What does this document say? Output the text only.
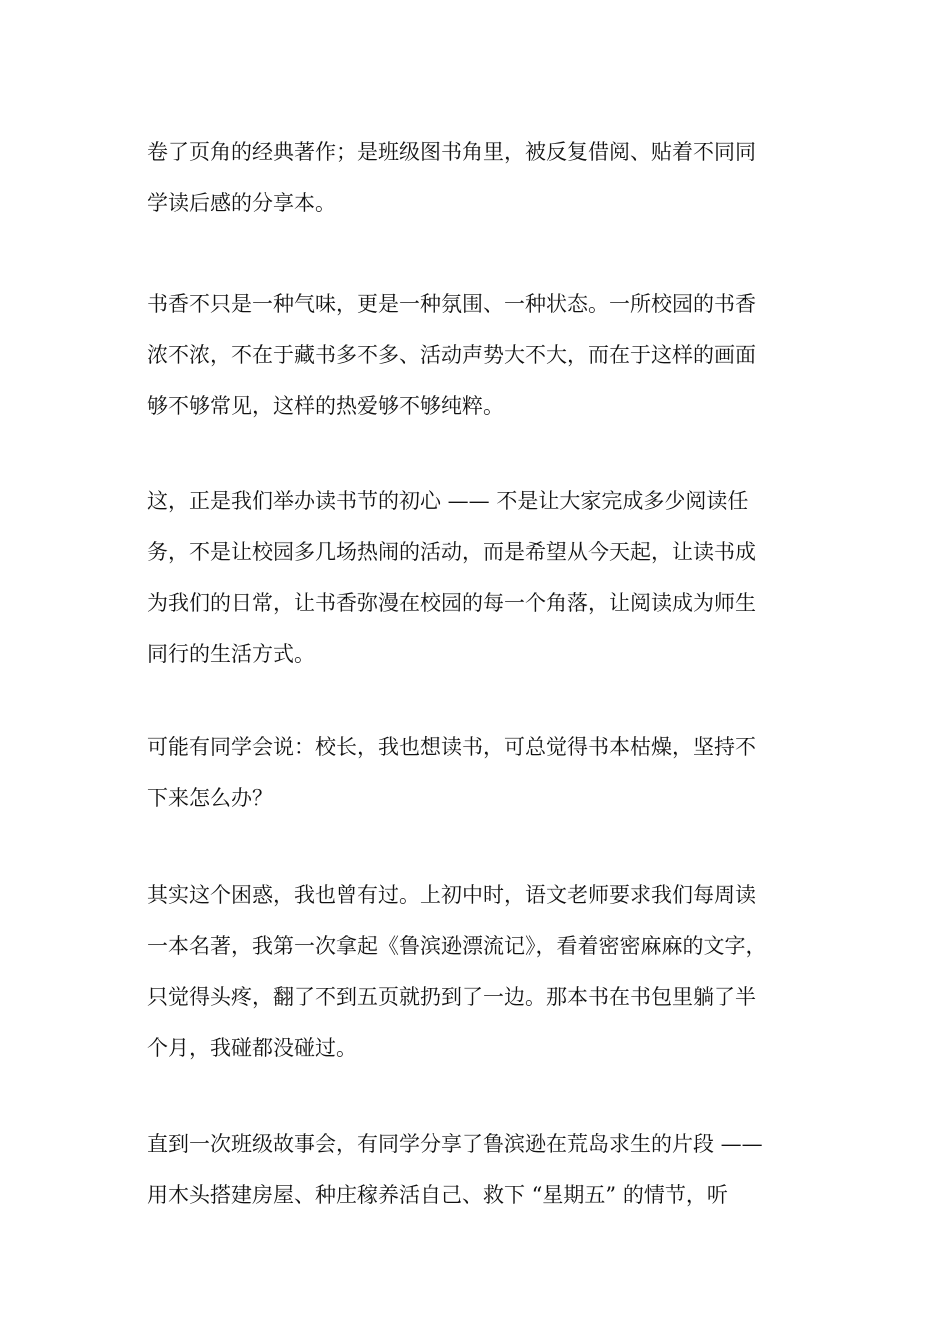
卷了页角的经典著作；是班级图书角里，被反复借阅、贴着不同同
学读后感的分享本。
书香不只是一种气味，更是一种氛围、一种状态。一所校园的书香
浓不浓，不在于藏书多不多、活动声势大不大，而在于这样的画面
够不够常见，这样的热爱够不够纯粹。
这，正是我们举办读书节的初心 —— 不是让大家完成多少阅读任
务，不是让校园多几场热闹的活动，而是希望从今天起，让读书成
为我们的日常，让书香弥漫在校园的每一个角落，让阅读成为师生
同行的生活方式。
可能有同学会说：校长，我也想读书，可总觉得书本枯燥，坚持不
下来怎么办？
其实这个困惑，我也曾有过。上初中时，语文老师要求我们每周读
一本名著，我第一次拿起《鲁滨逊漂流记》，看着密密麻麻的文字，
只觉得头疼，翻了不到五页就扔到了一边。那本书在书包里躺了半
个月，我碰都没碰过。
直到一次班级故事会，有同学分享了鲁滨逊在荒岛求生的片段 ——
用木头搭建房屋、种庄稼养活自己、救下 “星期五” 的情节，听
